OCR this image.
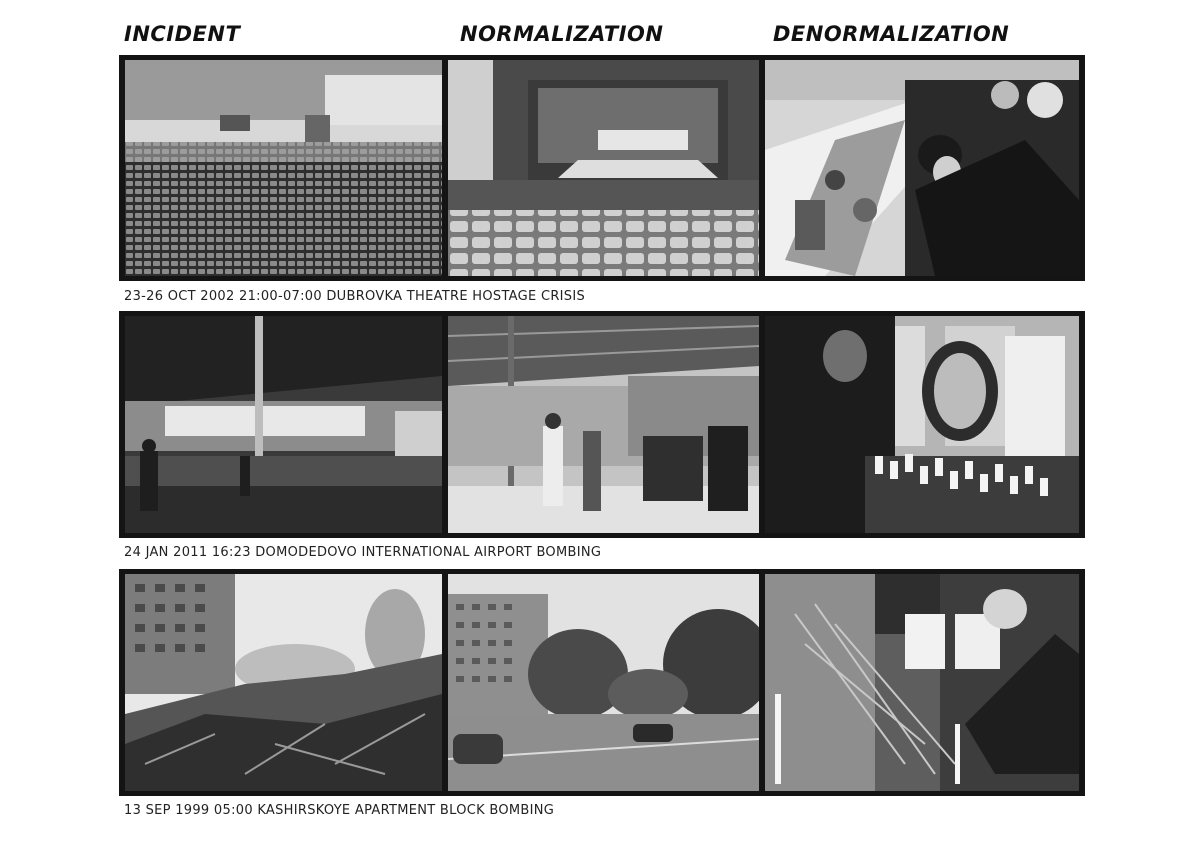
INCIDENT	NORMALIZATION	DENORMALIZATION
23-26 OCT 2002 21:00-07:00 DUBROVKA THEATRE HOSTAGE CRISIS
24 JAN 2011 16:23 DOMODEDOVO INTERNATIONAL AIRPORT BOMBING
13 SEP 1999 05:00 KASHIRSKOYE APARTMENT BLOCK BOMBING
